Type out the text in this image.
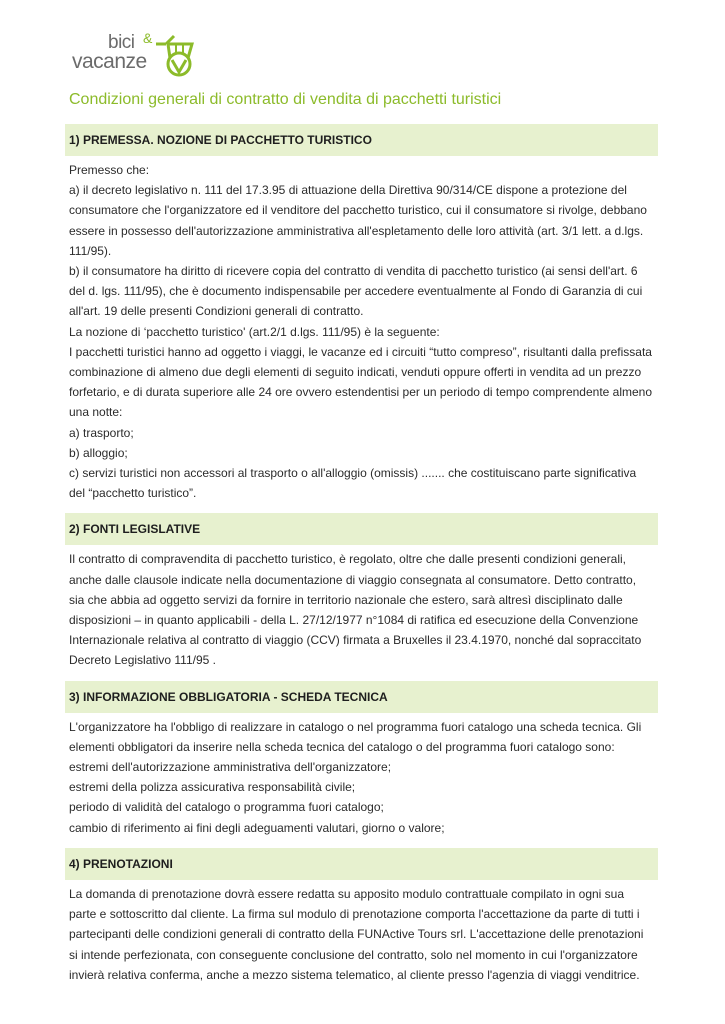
bici &
vacanze
Condizioni generali di contratto di vendita di pacchetti turistici
1) PREMESSA. NOZIONE DI PACCHETTO TURISTICO

Premesso che:

a) il decreto legislativo n. 111 del 17.3.95 di attuazione della Direttiva 90/314/CE dispone a protezione del consumatore che l'organizzatore ed il venditore del pacchetto turistico, cui il consumatore si rivolge, debbano essere in possesso dell'autorizzazione amministrativa all'espletamento delle loro attività (art. 3/1 lett. a d.lgs. 111/95).

b) il consumatore ha diritto di ricevere copia del contratto di vendita di pacchetto turistico (ai sensi dell'art. 6 del d. lgs. 111/95), che è documento indispensabile per accedere eventualmente al Fondo di Garanzia di cui all'art. 19 delle presenti Condizioni generali di contratto.

La nozione di ‘pacchetto turistico' (art.2/1 d.lgs. 111/95) è la seguente:

I pacchetti turistici hanno ad oggetto i viaggi, le vacanze ed i circuiti “tutto compreso”, risultanti dalla prefissata combinazione di almeno due degli elementi di seguito indicati, venduti oppure offerti in vendita ad un prezzo forfetario, e di durata superiore alle 24 ore ovvero estendentisi per un periodo di tempo comprendente almeno una notte:

a) trasporto;

b) alloggio;

c) servizi turistici non accessori al trasporto o all'alloggio (omissis) ....... che costituiscano parte significativa del “pacchetto turistico”.

2) FONTI LEGISLATIVE

Il contratto di compravendita di pacchetto turistico, è regolato, oltre che dalle presenti condizioni generali, anche dalle clausole indicate nella documentazione di viaggio consegnata al consumatore. Detto contratto, sia che abbia ad oggetto servizi da fornire in territorio nazionale che estero, sarà altresì disciplinato dalle disposizioni – in quanto applicabili - della L. 27/12/1977 n°1084 di ratifica ed esecuzione della Convenzione Internazionale relativa al contratto di viaggio (CCV) firmata a Bruxelles il 23.4.1970, nonché dal sopraccitato Decreto Legislativo 111/95 .

3) INFORMAZIONE OBBLIGATORIA - SCHEDA TECNICA

L'organizzatore ha l'obbligo di realizzare in catalogo o nel programma fuori catalogo una scheda tecnica. Gli elementi obbligatori da inserire nella scheda tecnica del catalogo o del programma fuori catalogo sono:

estremi dell'autorizzazione amministrativa dell'organizzatore;

estremi della polizza assicurativa responsabilità civile;

periodo di validità del catalogo o programma fuori catalogo;

cambio di riferimento ai fini degli adeguamenti valutari, giorno o valore;

4) PRENOTAZIONI

La domanda di prenotazione dovrà essere redatta su apposito modulo contrattuale compilato in ogni sua parte e sottoscritto dal cliente. La firma sul modulo di prenotazione comporta l'accettazione da parte di tutti i partecipanti delle condizioni generali di contratto della FUNActive Tours srl. L'accettazione delle prenotazioni si intende perfezionata, con conseguente conclusione del contratto, solo nel momento in cui l'organizzatore invierà relativa conferma, anche a mezzo sistema telematico, al cliente presso l'agenzia di viaggi venditrice.
